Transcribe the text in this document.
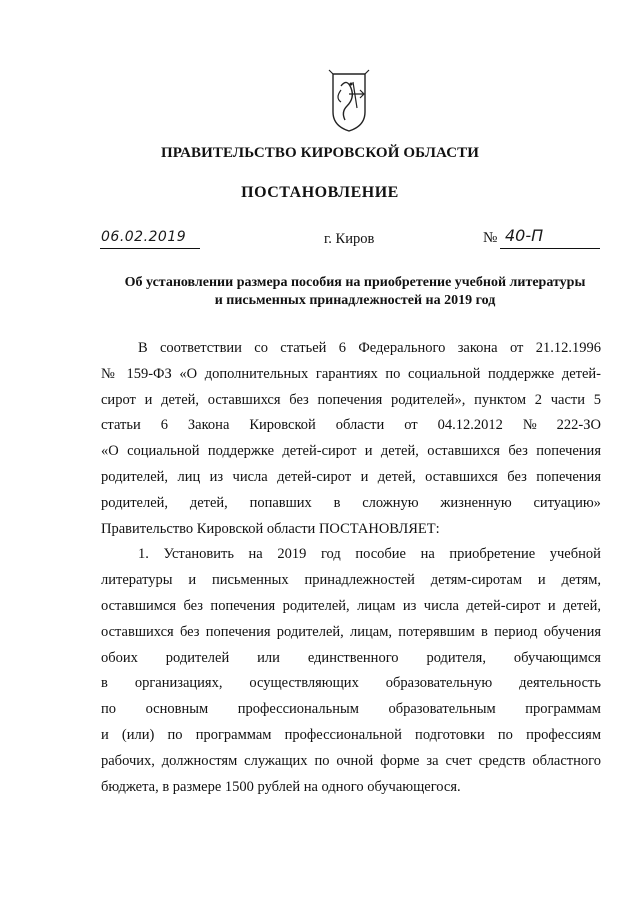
ПРАВИТЕЛЬСТВО КИРОВСКОЙ ОБЛАСТИ
ПОСТАНОВЛЕНИЕ
06.02.2019	г. Киров	№ 40-П
Об установлении размера пособия на приобретение учебной литературы
и письменных принадлежностей на 2019 год
В соответствии со статьей 6 Федерального закона от 21.12.1996
№ 159-ФЗ «О дополнительных гарантиях по социальной поддержке детей-
сирот и детей, оставшихся без попечения родителей», пунктом 2 части 5
статьи 6 Закона Кировской области от 04.12.2012 № 222-ЗО
«О социальной поддержке детей-сирот и детей, оставшихся без попечения
родителей, лиц из числа детей-сирот и детей, оставшихся без попечения
родителей, детей, попавших в сложную жизненную ситуацию»
Правительство Кировской области ПОСТАНОВЛЯЕТ:
1. Установить на 2019 год пособие на приобретение учебной
литературы и письменных принадлежностей детям-сиротам и детям,
оставшимся без попечения родителей, лицам из числа детей-сирот и детей,
оставшихся без попечения родителей, лицам, потерявшим в период обучения
обоих родителей или единственного родителя, обучающимся
в организациях, осуществляющих образовательную деятельность
по основным профессиональным образовательным программам
и (или) по программам профессиональной подготовки по профессиям
рабочих, должностям служащих по очной форме за счет средств областного
бюджета, в размере 1500 рублей на одного обучающегося.
